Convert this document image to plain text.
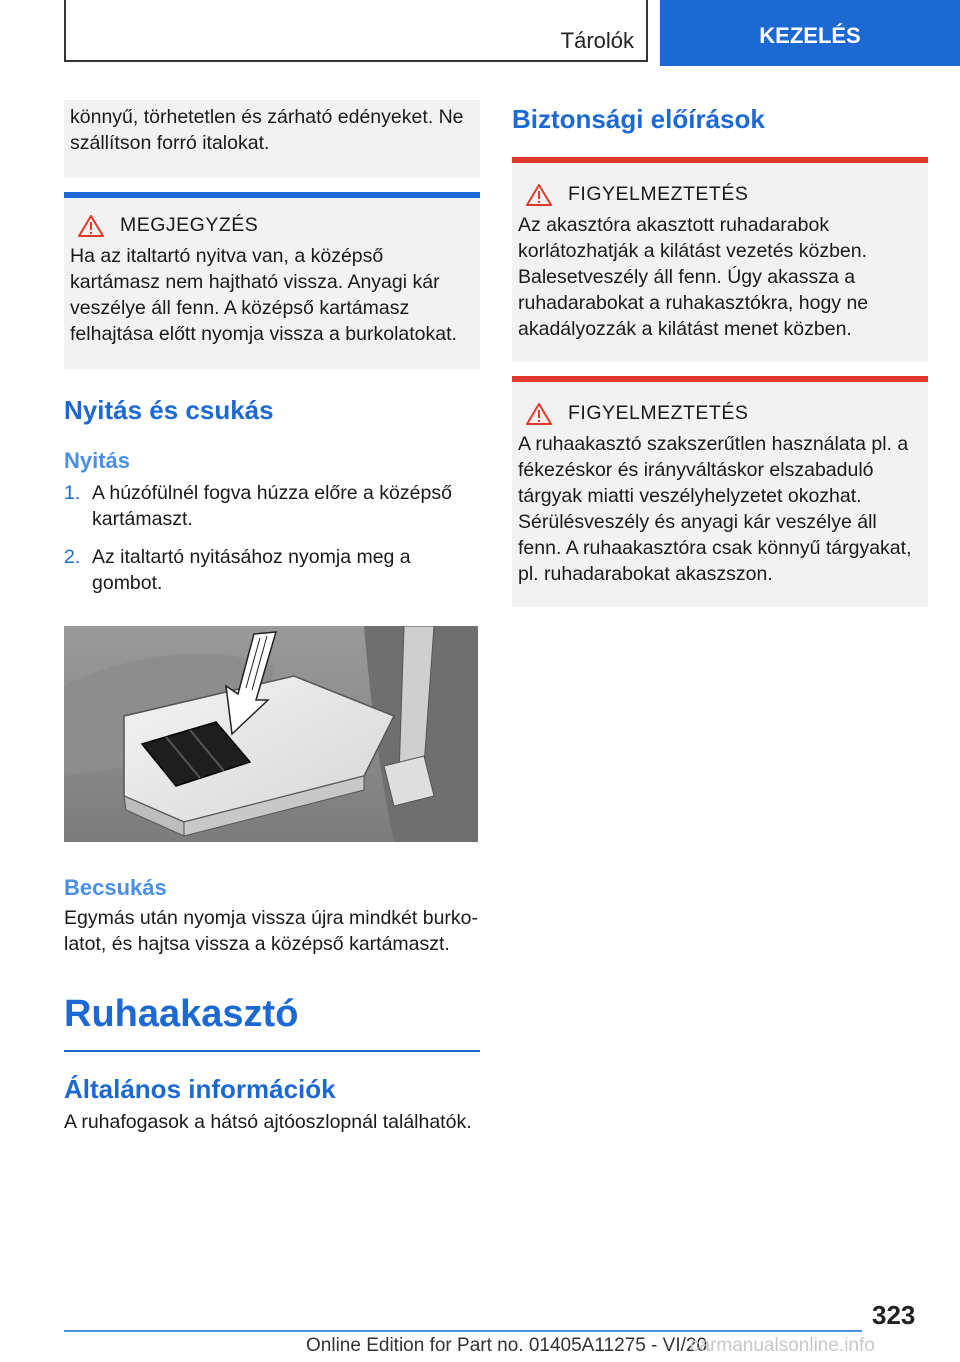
Tárolók	KEZELÉS

könnyű, törhetetlen és zárható edényeket. Ne szállítson forró italokat.

MEGJEGYZÉS

Ha az italtartó nyitva van, a középső kartámasz nem hajtható vissza. Anyagi kár veszélye áll fenn. A középső kartámasz felhajtása előtt nyomja vissza a burkolatokat.

Nyitás és csukás
Nyitás
1. A húzófülnél fogva húzza előre a középső kartámaszt.
2. Az italtartó nyitásához nyomja meg a gombot.
Becsukás

Egymás után nyomja vissza újra mindkét burkolatot, és hajtsa vissza a középső kartámaszt.

Ruhaakasztó
Általános információk

A ruhafogasok a hátsó ajtóoszlopnál találhatók.

Biztonsági előírások
FIGYELMEZTETÉS

Az akasztóra akasztott ruhadarabok korlátozhatják a kilátást vezetés közben. Balesetveszély áll fenn. Úgy akassza a ruhadarabokat a ruhakasztókra, hogy ne akadályozzák a kilátást menet közben.

FIGYELMEZTETÉS

A ruhaakasztó szakszerűtlen használata pl. a fékezéskor és irányváltáskor elszabaduló tárgyak miatti veszélyhelyzetet okozhat. Sérülésveszély és anyagi kár veszélye áll fenn. A ruhaakasztóra csak könnyű tárgyakat, pl. ruhadarabokat akaszszon.

323
Online Edition for Part no. 01405A11275 - VI/20
carmanualsonline.info
